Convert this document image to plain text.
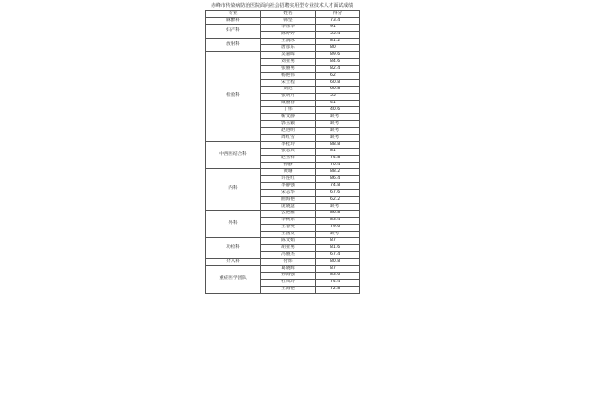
赤峰市传染病防治医院面向社会招聘实用型专业技术人才面试成绩
专业	姓名	得分
麻醉科	韩坚	73.4
妇产科	李东华	91
	陈婷婷	55.4
放射科	王润冰	81.2
	唐彦东	80
检验科	吴嘉晖	89.6
	刘亚男	84.6
	张丽男	82.4
	杨艳伟	62
	宋士程	60.8
	刘迟	60.8
	张明月	55
	咸丽春	41
	丁伟	40.6
	靳文静	缺考
	郭玉颖	缺考
	赵进明	缺考
	周红雪	缺考
中西医结合科	李桂玲	88.8
	张志宾	81
	赵玉祥	74.8
	孙静	70.4
内科	黄珊	88.2
	许连红	86.4
	李静强	74.8
	宋志华	67.6
	曲海艳	62.2
	庞晓慧	缺考
外科	么艳雁	86.8
	李树东	83.4
	王春英	79.6
	王国友	缺考
功检科	陈文娟	87
	胡亚男	81.6
	冯丽杰	67.4
介入科	付炜	80.8
重症医学团队	葛晓辉	87
	孙海强	83.6
	杜凤玲	74.4
	王海艳	72.8
